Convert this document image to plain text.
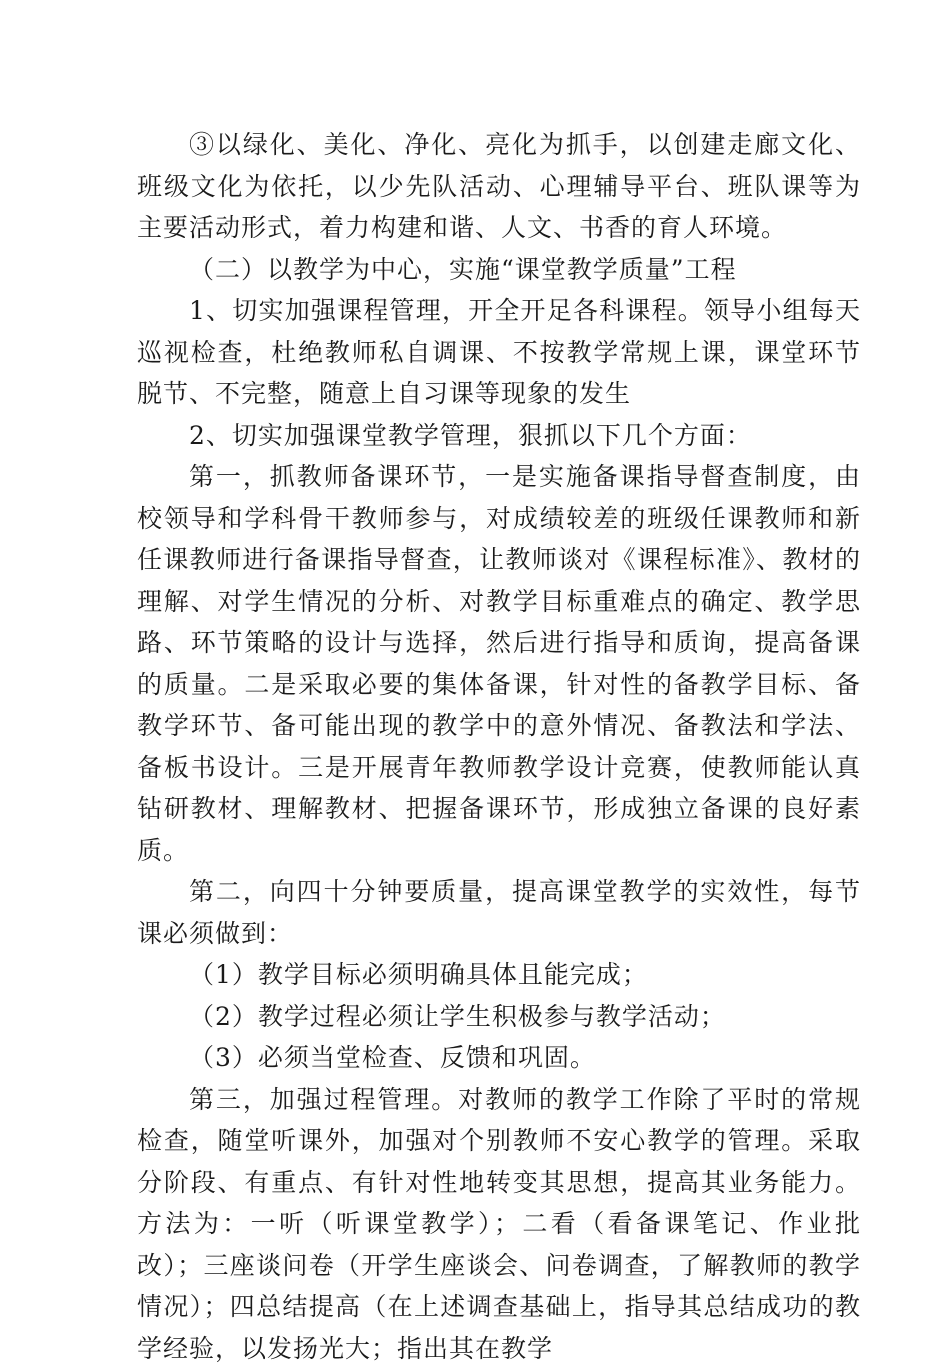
③以绿化、美化、净化、亮化为抓手，以创建走廊文化、班级文化为依托，以少先队活动、心理辅导平台、班队课等为主要活动形式，着力构建和谐、人文、书香的育人环境。

（二）以教学为中心，实施“课堂教学质量”工程

1、切实加强课程管理，开全开足各科课程。领导小组每天巡视检查，杜绝教师私自调课、不按教学常规上课，课堂环节脱节、不完整，随意上自习课等现象的发生

2、切实加强课堂教学管理，狠抓以下几个方面：

第一，抓教师备课环节，一是实施备课指导督查制度，由校领导和学科骨干教师参与，对成绩较差的班级任课教师和新任课教师进行备课指导督查，让教师谈对《课程标准》、教材的理解、对学生情况的分析、对教学目标重难点的确定、教学思路、环节策略的设计与选择，然后进行指导和质询，提高备课的质量。二是采取必要的集体备课，针对性的备教学目标、备教学环节、备可能出现的教学中的意外情况、备教法和学法、备板书设计。三是开展青年教师教学设计竞赛，使教师能认真钻研教材、理解教材、把握备课环节，形成独立备课的良好素质。

第二，向四十分钟要质量，提高课堂教学的实效性，每节课必须做到：

（1）教学目标必须明确具体且能完成；

（2）教学过程必须让学生积极参与教学活动；

（3）必须当堂检查、反馈和巩固。

第三，加强过程管理。对教师的教学工作除了平时的常规检查，随堂听课外，加强对个别教师不安心教学的管理。采取分阶段、有重点、有针对性地转变其思想，提高其业务能力。方法为：一听（听课堂教学）；二看（看备课笔记、作业批改）；三座谈问卷（开学生座谈会、问卷调查，了解教师的教学情况）；四总结提高（在上述调查基础上，指导其总结成功的教学经验，以发扬光大；指出其在教学
